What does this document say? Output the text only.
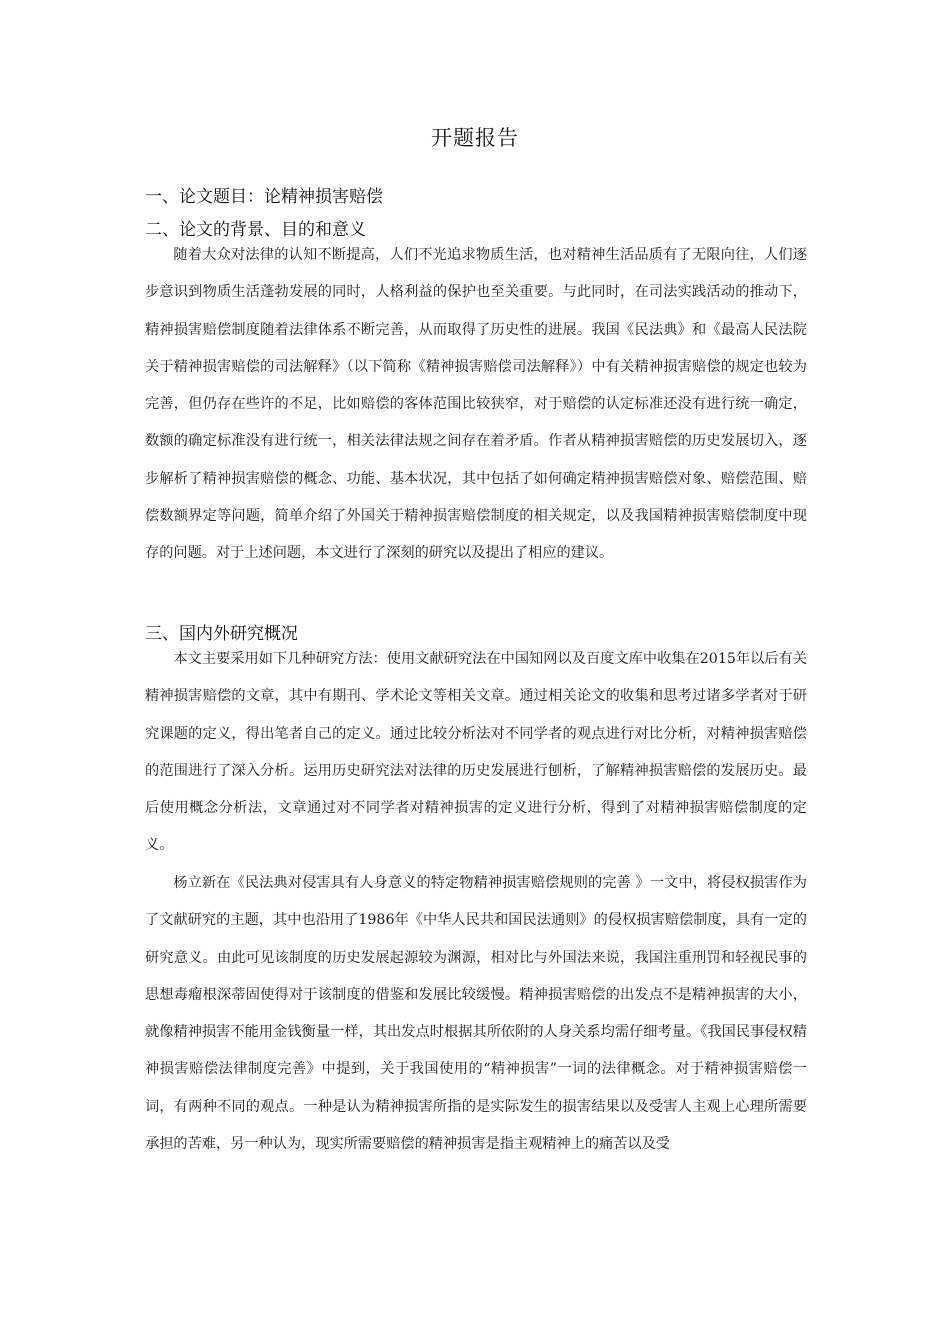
开题报告
一、论文题目：论精神损害赔偿
二、论文的背景、目的和意义

随着大众对法律的认知不断提高，人们不光追求物质生活，也对精神生活品质有了无限向往，人们逐步意识到物质生活蓬勃发展的同时，人格利益的保护也至关重要。与此同时，在司法实践活动的推动下，精神损害赔偿制度随着法律体系不断完善，从而取得了历史性的进展。我国《民法典》和《最高人民法院关于精神损害赔偿的司法解释》（以下简称《精神损害赔偿司法解释》）中有关精神损害赔偿的规定也较为完善，但仍存在些许的不足，比如赔偿的客体范围比较狭窄，对于赔偿的认定标准还没有进行统一确定，数额的确定标准没有进行统一，相关法律法规之间存在着矛盾。作者从精神损害赔偿的历史发展切入，逐步解析了精神损害赔偿的概念、功能、基本状况，其中包括了如何确定精神损害赔偿对象、赔偿范围、赔偿数额界定等问题，简单介绍了外国关于精神损害赔偿制度的相关规定，以及我国精神损害赔偿制度中现存的问题。对于上述问题，本文进行了深刻的研究以及提出了相应的建议。

三、国内外研究概况

本文主要采用如下几种研究方法：使用文献研究法在中国知网以及百度文库中收集在2015年以后有关精神损害赔偿的文章，其中有期刊、学术论文等相关文章。通过相关论文的收集和思考过诸多学者对于研究课题的定义，得出笔者自己的定义。通过比较分析法对不同学者的观点进行对比分析，对精神损害赔偿的范围进行了深入分析。运用历史研究法对法律的历史发展进行刨析，了解精神损害赔偿的发展历史。最后使用概念分析法，文章通过对不同学者对精神损害的定义进行分析，得到了对精神损害赔偿制度的定义。

杨立新在《民法典对侵害具有人身意义的特定物精神损害赔偿规则的完善 》一文中，将侵权损害作为了文献研究的主题，其中也沿用了1986年《中华人民共和国民法通则》的侵权损害赔偿制度，具有一定的研究意义。由此可见该制度的历史发展起源较为渊源，相对比与外国法来说，我国注重刑罚和轻视民事的思想毒瘤根深蒂固使得对于该制度的借鉴和发展比较缓慢。精神损害赔偿的出发点不是精神损害的大小，就像精神损害不能用金钱衡量一样，其出发点时根据其所依附的人身关系均需仔细考量。《我国民事侵权精神损害赔偿法律制度完善》中提到，关于我国使用的“精神损害”一词的法律概念。对于精神损害赔偿一词，有两种不同的观点。一种是认为精神损害所指的是实际发生的损害结果以及受害人主观上心理所需要承担的苦难，另一种认为，现实所需要赔偿的精神损害是指主观精神上的痛苦以及受
